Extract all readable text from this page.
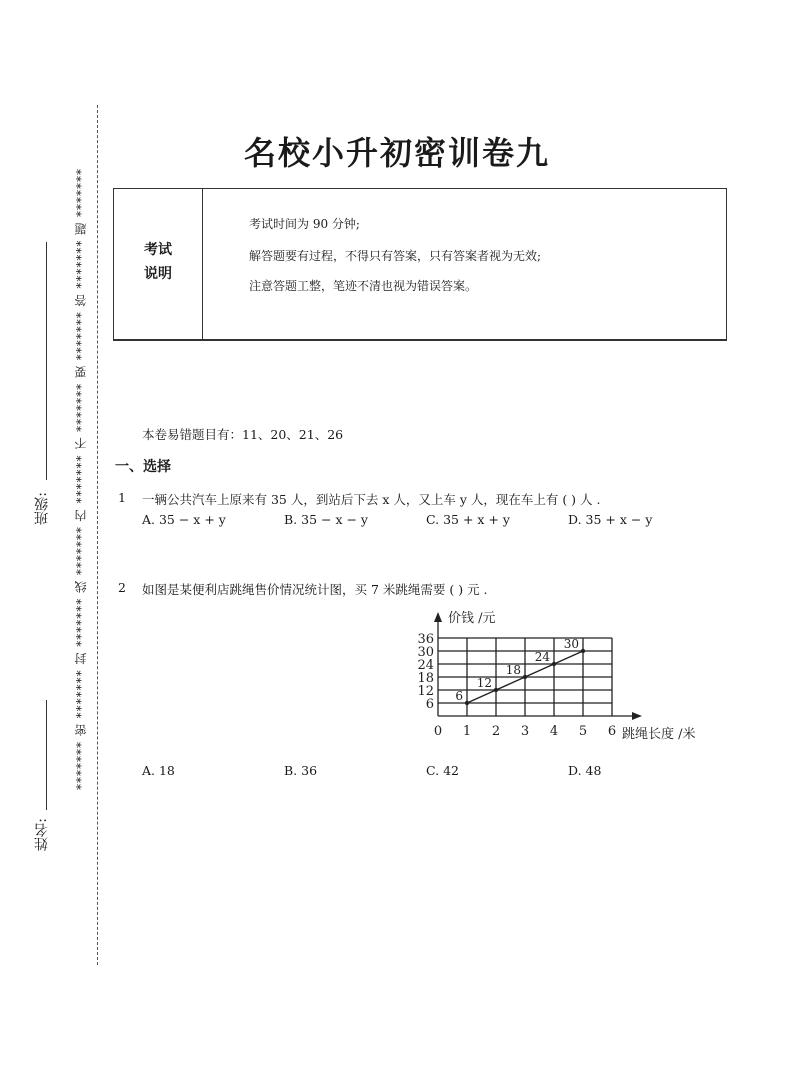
姓名:
班级: ******* 密 ******* 封 ******* 线 ******* 内 ******* 不 ******* 要 ******* 答 ******* 题 *******
名校小升初密训卷九
考试
说明
考试时间为 90 分钟;
解答题要有过程，不得只有答案，只有答案者视为无效;
注意答题工整，笔迹不清也视为错误答案。
本卷易错题目有：11、20、21、26
一、选择
1 一辆公共汽车上原来有 35 人，到站后下去 x 人，又上车 y 人，现在车上有 ( ) 人 .
A. 35 − x + y	B. 35 − x − y	C. 35 + x + y	D. 35 + x − y
2 如图是某便利店跳绳售价情况统计图，买 7 米跳绳需要 ( ) 元 .
0 1 2 3 4 5 6
6
12
18
24
30
36
价钱 /元
跳绳长度 /米
6
12
18
24
30
A. 18	B. 36	C. 42	D. 48
